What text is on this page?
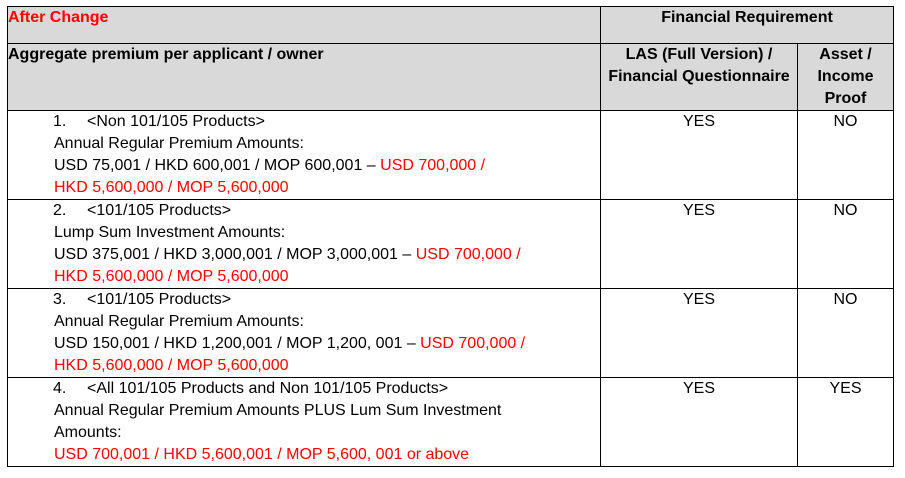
After Change	Financial Requirement	
Aggregate premium per applicant / owner	LAS (Full Version) / Financial Questionnaire	Asset / Income Proof

1. <Non 101/105 Products>
Annual Regular Premium Amounts:
USD 75,001 / HKD 600,001 / MOP 600,001 – USD 700,000 /
HKD 5,600,000 / MOP 5,600,000	YES	NO

2. <101/105 Products>
Lump Sum Investment Amounts:
USD 375,001 / HKD 3,000,001 / MOP 3,000,001 – USD 700,000 /
HKD 5,600,000 / MOP 5,600,000	YES	NO

3. <101/105 Products>
Annual Regular Premium Amounts:
USD 150,001 / HKD 1,200,001 / MOP 1,200, 001 – USD 700,000 /
HKD 5,600,000 / MOP 5,600,000	YES	NO

4. <All 101/105 Products and Non 101/105 Products>
Annual Regular Premium Amounts PLUS Lum Sum Investment
Amounts:
USD 700,001 / HKD 5,600,001 / MOP 5,600, 001 or above	YES	YES
